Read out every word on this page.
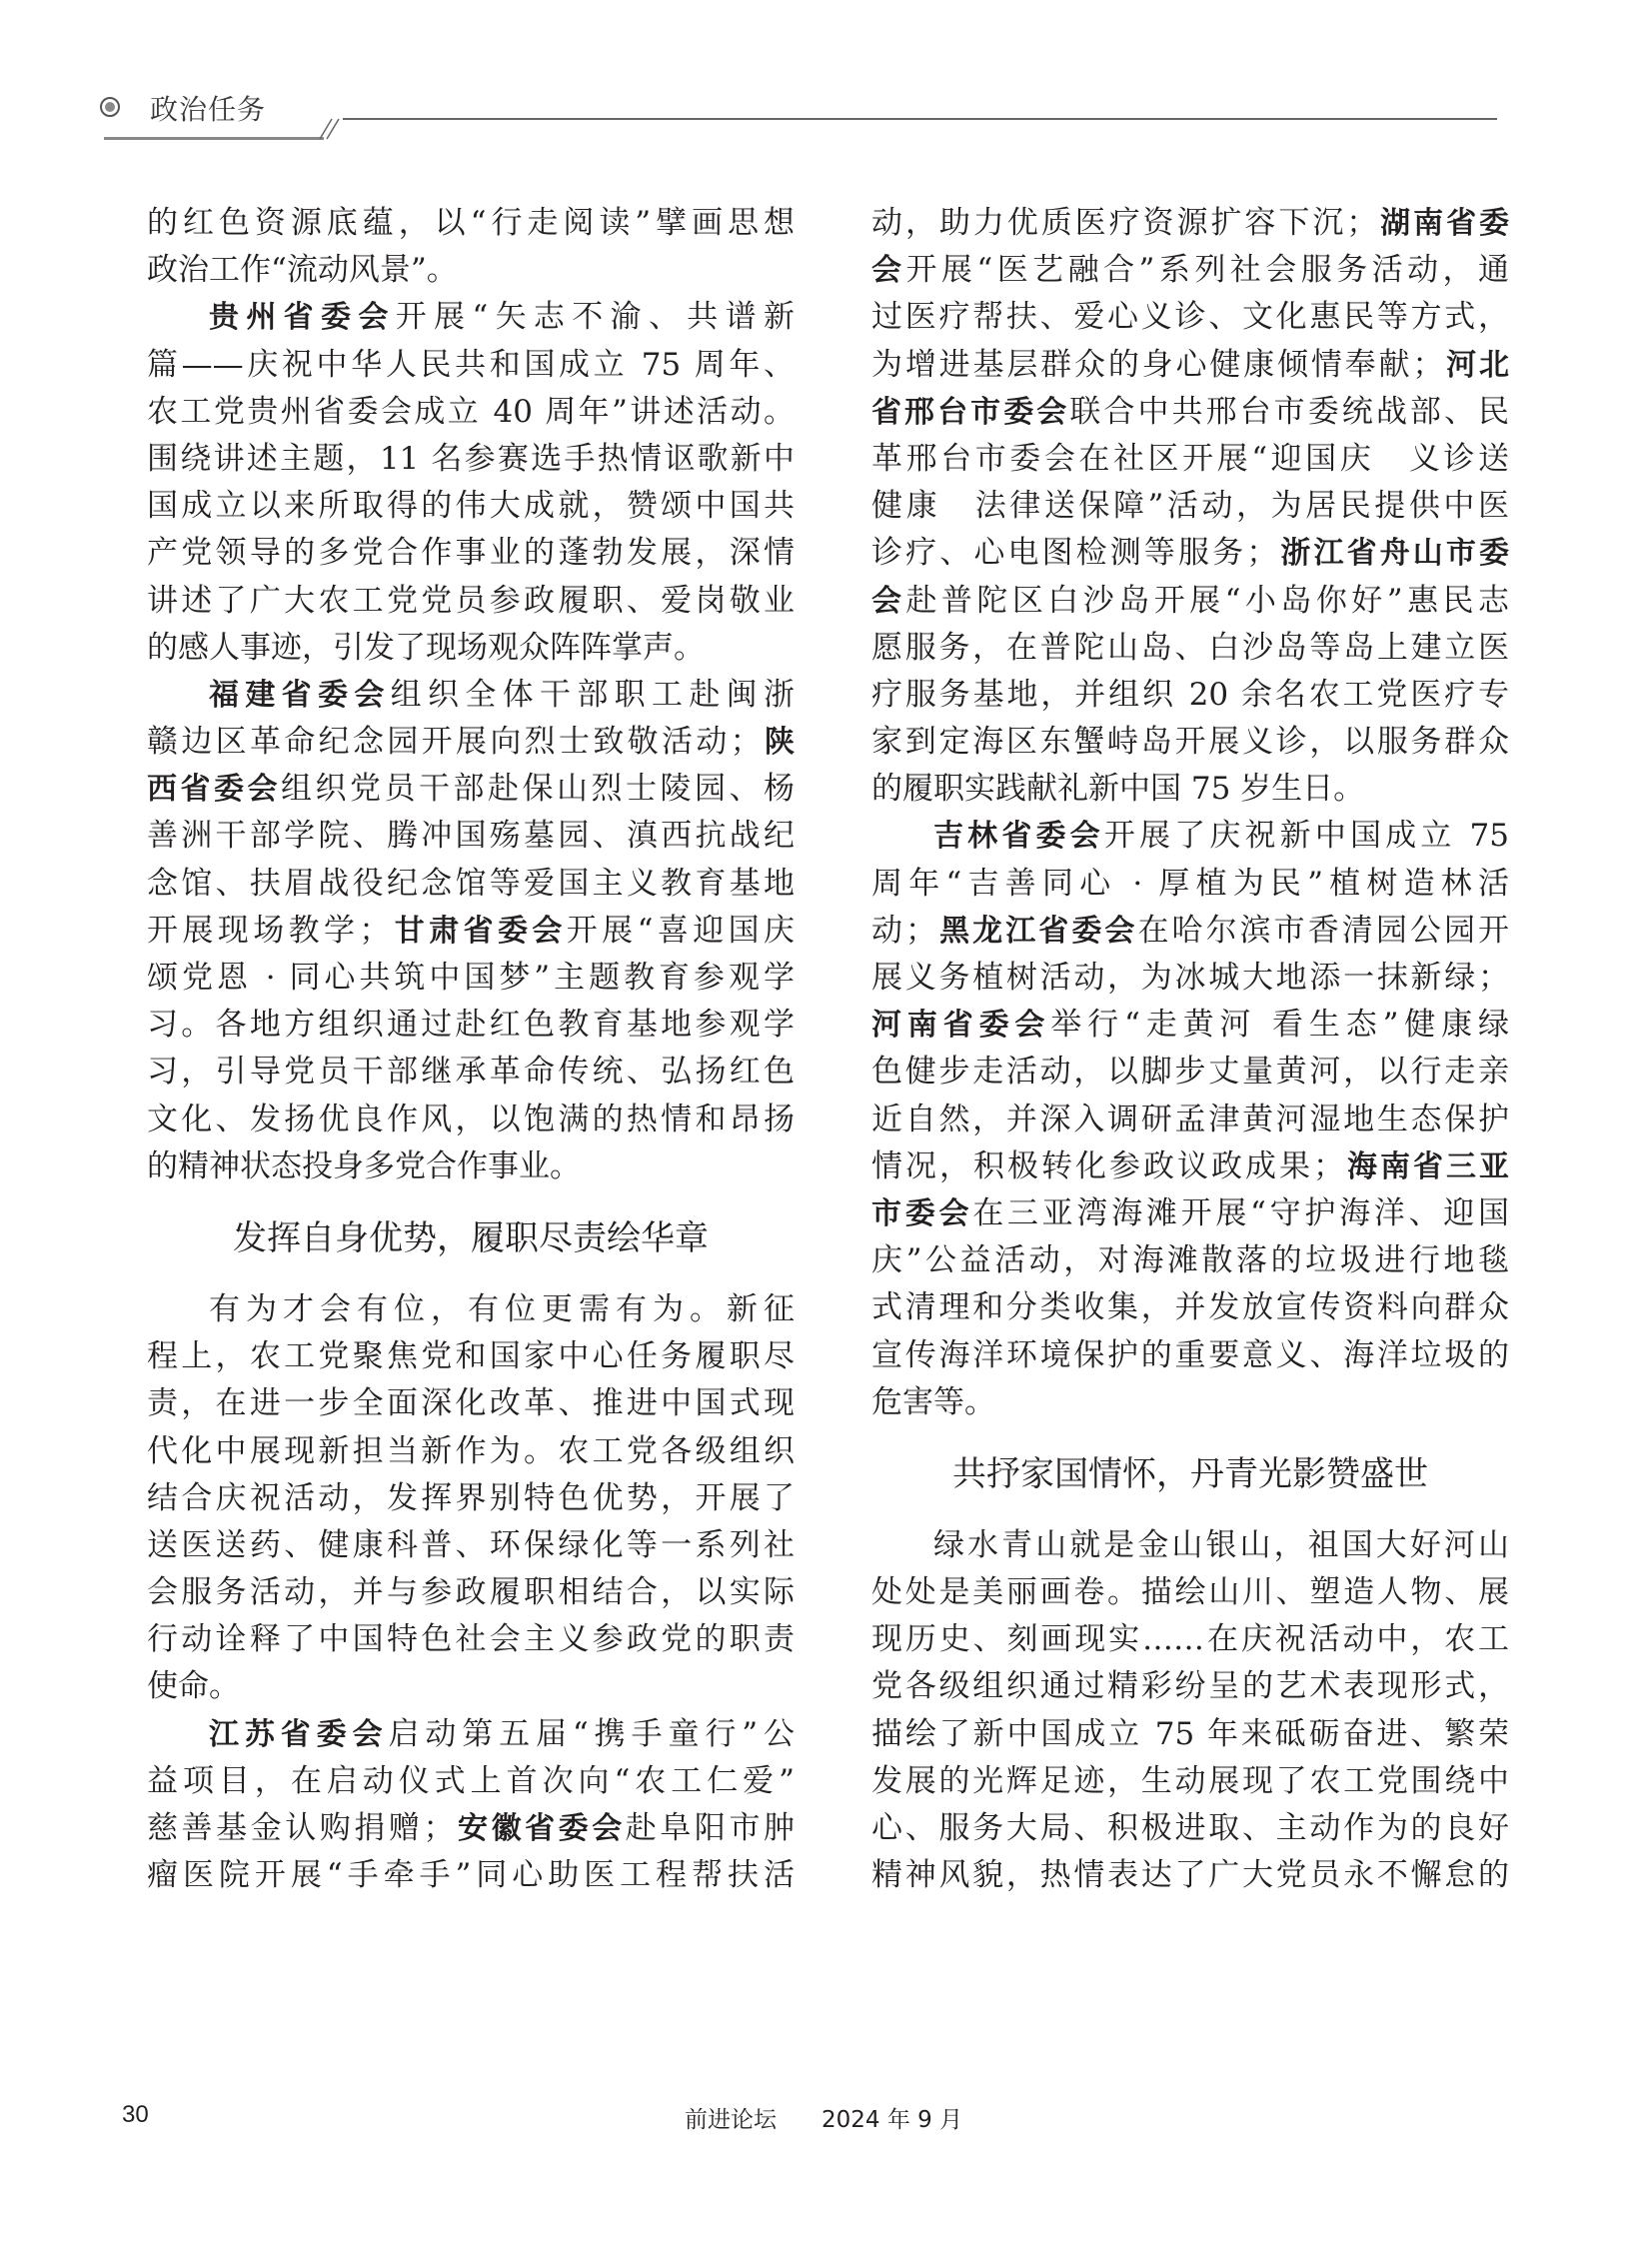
政治任务
的红色资源底蕴，以“行走阅读”擘画思想
政治工作“流动风景”。
贵州省委会开展“矢志不渝、共谱新
篇——庆祝中华人民共和国成立 75 周年、
农工党贵州省委会成立 40 周年”讲述活动。
围绕讲述主题，11 名参赛选手热情讴歌新中
国成立以来所取得的伟大成就，赞颂中国共
产党领导的多党合作事业的蓬勃发展，深情
讲述了广大农工党党员参政履职、爱岗敬业
的感人事迹，引发了现场观众阵阵掌声。
福建省委会组织全体干部职工赴闽浙
赣边区革命纪念园开展向烈士致敬活动；陕
西省委会组织党员干部赴保山烈士陵园、杨
善洲干部学院、腾冲国殇墓园、滇西抗战纪
念馆、扶眉战役纪念馆等爱国主义教育基地
开展现场教学；甘肃省委会开展“喜迎国庆
颂党恩 · 同心共筑中国梦”主题教育参观学
习。各地方组织通过赴红色教育基地参观学
习，引导党员干部继承革命传统、弘扬红色
文化、发扬优良作风，以饱满的热情和昂扬
的精神状态投身多党合作事业。
发挥自身优势，履职尽责绘华章
有为才会有位，有位更需有为。新征
程上，农工党聚焦党和国家中心任务履职尽
责，在进一步全面深化改革、推进中国式现
代化中展现新担当新作为。农工党各级组织
结合庆祝活动，发挥界别特色优势，开展了
送医送药、健康科普、环保绿化等一系列社
会服务活动，并与参政履职相结合，以实际
行动诠释了中国特色社会主义参政党的职责
使命。
江苏省委会启动第五届“携手童行”公
益项目，在启动仪式上首次向“农工仁爱”
慈善基金认购捐赠；安徽省委会赴阜阳市肿
瘤医院开展“手牵手”同心助医工程帮扶活
动，助力优质医疗资源扩容下沉；湖南省委
会开展“医艺融合”系列社会服务活动，通
过医疗帮扶、爱心义诊、文化惠民等方式，
为增进基层群众的身心健康倾情奉献；河北
省邢台市委会联合中共邢台市委统战部、民
革邢台市委会在社区开展“迎国庆　义诊送
健康　法律送保障”活动，为居民提供中医
诊疗、心电图检测等服务；浙江省舟山市委
会赴普陀区白沙岛开展“小岛你好”惠民志
愿服务，在普陀山岛、白沙岛等岛上建立医
疗服务基地，并组织 20 余名农工党医疗专
家到定海区东蟹峙岛开展义诊，以服务群众
的履职实践献礼新中国 75 岁生日。
吉林省委会开展了庆祝新中国成立 75
周年“吉善同心 · 厚植为民”植树造林活
动；黑龙江省委会在哈尔滨市香清园公园开
展义务植树活动，为冰城大地添一抹新绿；
河南省委会举行“走黄河 看生态”健康绿
色健步走活动，以脚步丈量黄河，以行走亲
近自然，并深入调研孟津黄河湿地生态保护
情况，积极转化参政议政成果；海南省三亚
市委会在三亚湾海滩开展“守护海洋、迎国
庆”公益活动，对海滩散落的垃圾进行地毯
式清理和分类收集，并发放宣传资料向群众
宣传海洋环境保护的重要意义、海洋垃圾的
危害等。
共抒家国情怀，丹青光影赞盛世
绿水青山就是金山银山，祖国大好河山
处处是美丽画卷。描绘山川、塑造人物、展
现历史、刻画现实……在庆祝活动中，农工
党各级组织通过精彩纷呈的艺术表现形式，
描绘了新中国成立 75 年来砥砺奋进、繁荣
发展的光辉足迹，生动展现了农工党围绕中
心、服务大局、积极进取、主动作为的良好
精神风貌，热情表达了广大党员永不懈怠的
30	前进论坛 2024 年 9 月
